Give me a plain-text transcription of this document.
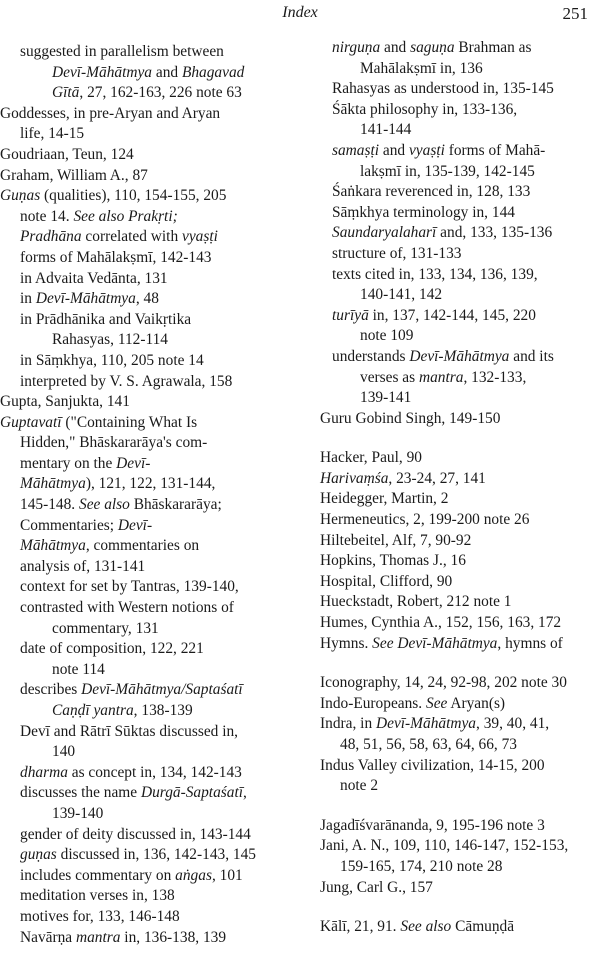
Index	251
suggested in parallelism between
Devī-Māhātmya and Bhagavad
Gītā, 27, 162-163, 226 note 63
Goddesses, in pre-Aryan and Aryan
life, 14-15
Goudriaan, Teun, 124
Graham, William A., 87
Guṇas (qualities), 110, 154-155, 205
note 14. See also Prakṛti;
Pradhāna correlated with vyaṣṭi
forms of Mahālakṣmī, 142-143
in Advaita Vedānta, 131
in Devī-Māhātmya, 48
in Prādhānika and Vaikṛtika
Rahasyas, 112-114
in Sāṃkhya, 110, 205 note 14
interpreted by V. S. Agrawala, 158
Gupta, Sanjukta, 141
Guptavatī ("Containing What Is
Hidden," Bhāskararāya's com-
mentary on the Devī-
Māhātmya), 121, 122, 131-144,
145-148. See also Bhāskararāya;
Commentaries; Devī-
Māhātmya, commentaries on
analysis of, 131-141
context for set by Tantras, 139-140,
contrasted with Western notions of
commentary, 131
date of composition, 122, 221
note 114
describes Devī-Māhātmya/Saptaśatī
Caṇḍī yantra, 138-139
Devī and Rātrī Sūktas discussed in,
140
dharma as concept in, 134, 142-143
discusses the name Durgā-Saptaśatī,
139-140
gender of deity discussed in, 143-144
guṇas discussed in, 136, 142-143, 145
includes commentary on aṅgas, 101
meditation verses in, 138
motives for, 133, 146-148
Navārṇa mantra in, 136-138, 139
nirguṇa and saguṇa Brahman as
Mahālakṣmī in, 136
Rahasyas as understood in, 135-145
Śākta philosophy in, 133-136,
141-144
samaṣṭi and vyaṣṭi forms of Mahā-
lakṣmī in, 135-139, 142-145
Śaṅkara reverenced in, 128, 133
Sāṃkhya terminology in, 144
Saundaryalaharī and, 133, 135-136
structure of, 131-133
texts cited in, 133, 134, 136, 139,
140-141, 142
turīyā in, 137, 142-144, 145, 220
note 109
understands Devī-Māhātmya and its
verses as mantra, 132-133,
139-141
Guru Gobind Singh, 149-150
Hacker, Paul, 90
Harivaṃśa, 23-24, 27, 141
Heidegger, Martin, 2
Hermeneutics, 2, 199-200 note 26
Hiltebeitel, Alf, 7, 90-92
Hopkins, Thomas J., 16
Hospital, Clifford, 90
Hueckstadt, Robert, 212 note 1
Humes, Cynthia A., 152, 156, 163, 172
Hymns. See Devī-Māhātmya, hymns of
Iconography, 14, 24, 92-98, 202 note 30
Indo-Europeans. See Aryan(s)
Indra, in Devī-Māhātmya, 39, 40, 41,
48, 51, 56, 58, 63, 64, 66, 73
Indus Valley civilization, 14-15, 200
note 2
Jagadīśvarānanda, 9, 195-196 note 3
Jani, A. N., 109, 110, 146-147, 152-153,
159-165, 174, 210 note 28
Jung, Carl G., 157
Kālī, 21, 91. See also Cāmuṇḍā
